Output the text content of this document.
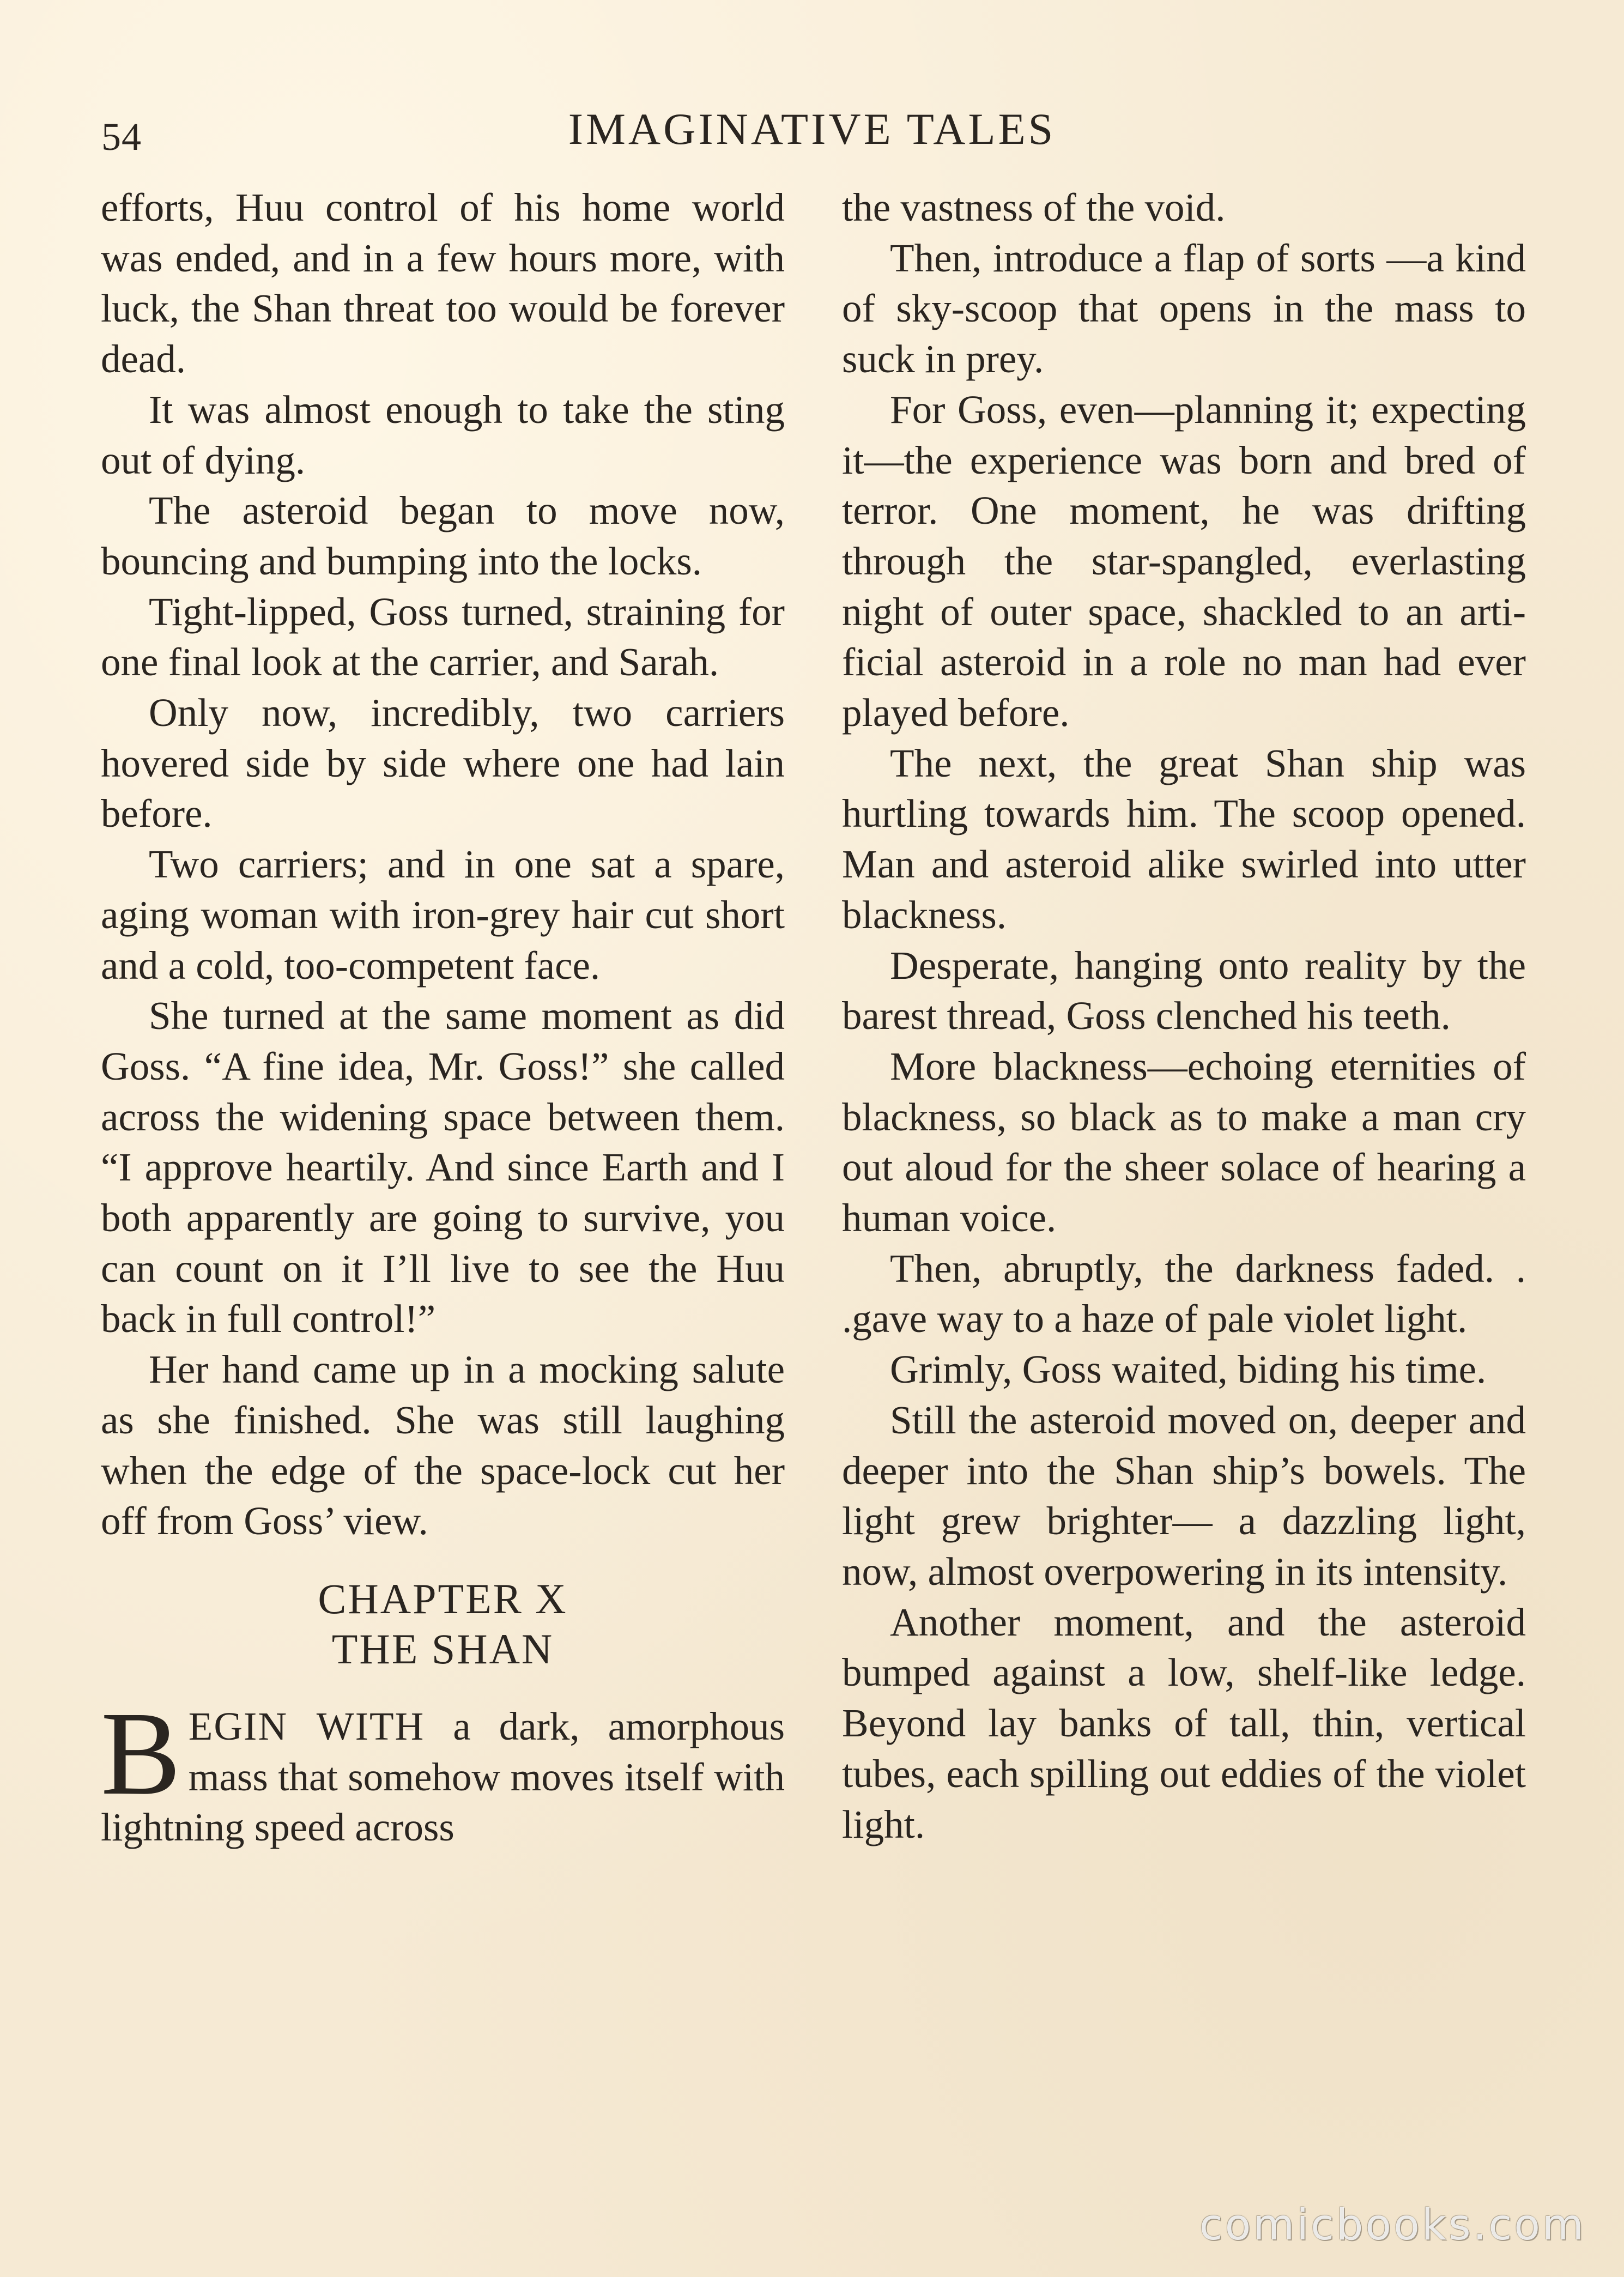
54	IMAGINATIVE TALES

efforts, Huu control of his home world was ended, and in a few hours more, with luck, the Shan threat too would be forever dead.

It was almost enough to take the sting out of dying.

The asteroid began to move now, bouncing and bumping into the locks.

Tight-lipped, Goss turned, straining for one final look at the carrier, and Sarah.

Only now, incredibly, two carriers hovered side by side where one had lain before.

Two carriers; and in one sat a spare, aging woman with iron-grey hair cut short and a cold, too-competent face.

She turned at the same moment as did Goss. “A fine idea, Mr. Goss!” she called across the widening space between them. “I approve heartily. And since Earth and I both apparently are going to survive, you can count on it I’ll live to see the Huu back in full control!”

Her hand came up in a mocking salute as she finished. She was still laughing when the edge of the space-lock cut her off from Goss’ view.

CHAPTER X
THE SHAN

BEGIN WITH a dark, amorphous mass that somehow moves itself with lightning speed across

the vastness of the void.

Then, introduce a flap of sorts —a kind of sky-scoop that opens in the mass to suck in prey.

For Goss, even—planning it; expecting it—the experience was born and bred of terror. One moment, he was drifting through the star-spangled, everlasting night of outer space, shackled to an artificial asteroid in a role no man had ever played before.

The next, the great Shan ship was hurtling towards him. The scoop opened. Man and asteroid alike swirled into utter blackness.

Desperate, hanging onto reality by the barest thread, Goss clenched his teeth.

More blackness—echoing eternities of blackness, so black as to make a man cry out aloud for the sheer solace of hearing a human voice.

Then, abruptly, the darkness faded. . .gave way to a haze of pale violet light.

Grimly, Goss waited, biding his time.

Still the asteroid moved on, deeper and deeper into the Shan ship’s bowels. The light grew brighter— a dazzling light, now, almost overpowering in its intensity.

Another moment, and the asteroid bumped against a low, shelf-like ledge. Beyond lay banks of tall, thin, vertical tubes, each spilling out eddies of the violet light.

comicbooks.com
